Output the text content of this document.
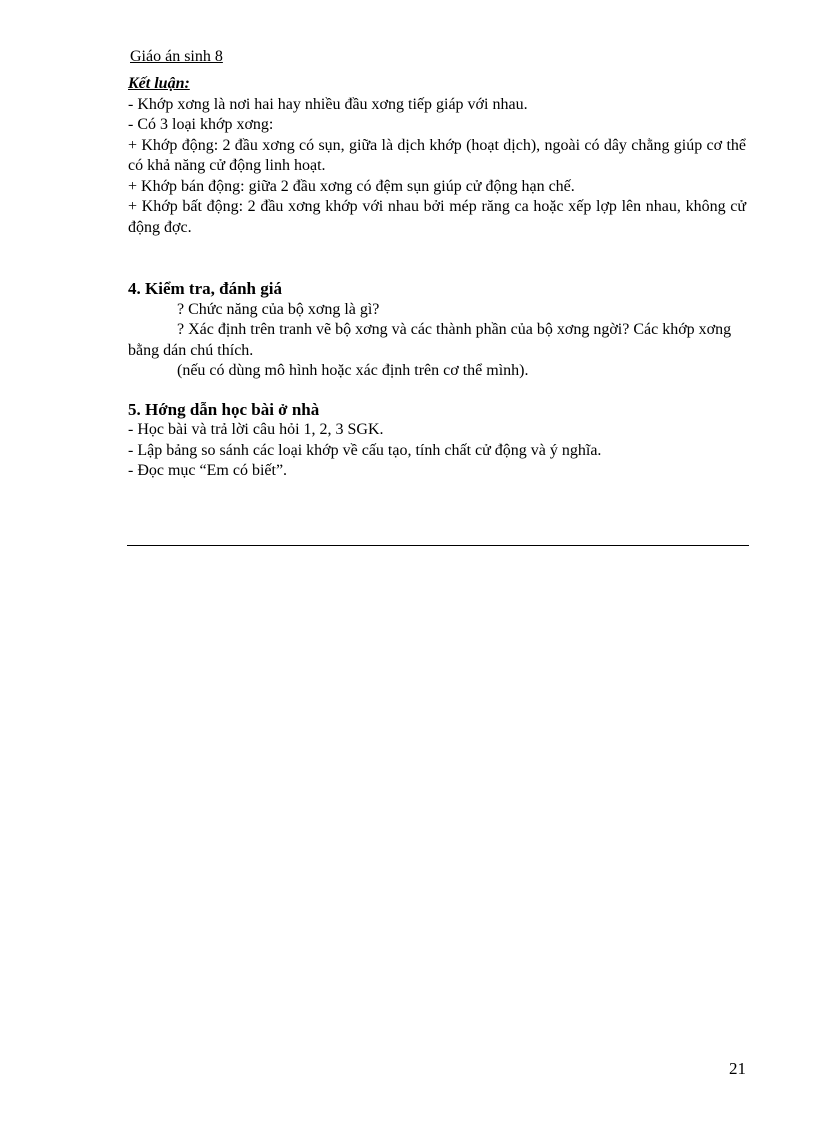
Giáo án sinh 8

Kết luận:

- Khớp xơng là nơi hai hay nhiều đầu xơng tiếp giáp với nhau.

- Có 3 loại khớp xơng:

+ Khớp động: 2 đầu xơng có sụn, giữa là dịch khớp (hoạt dịch), ngoài có dây chằng giúp cơ thể có khả năng cử động linh hoạt.

+ Khớp bán động: giữa 2 đầu xơng có đệm sụn giúp cử động hạn chế.

+ Khớp bất động: 2 đầu xơng khớp với nhau bởi mép răng ca hoặc xếp lợp lên nhau, không cử động đợc.

4. Kiểm tra, đánh giá

? Chức năng của bộ xơng là gì?

? Xác định trên tranh vẽ bộ xơng và các thành phần của bộ xơng ngời? Các khớp xơng bằng dán chú thích.

(nếu có dùng mô hình hoặc xác định trên cơ thể mình).

5. Hớng dẫn học bài ở nhà

- Học bài và trả lời câu hỏi 1, 2, 3 SGK.

- Lập bảng so sánh các loại khớp về cấu tạo, tính chất cử động và ý nghĩa.

- Đọc mục “Em có biết”.

21
